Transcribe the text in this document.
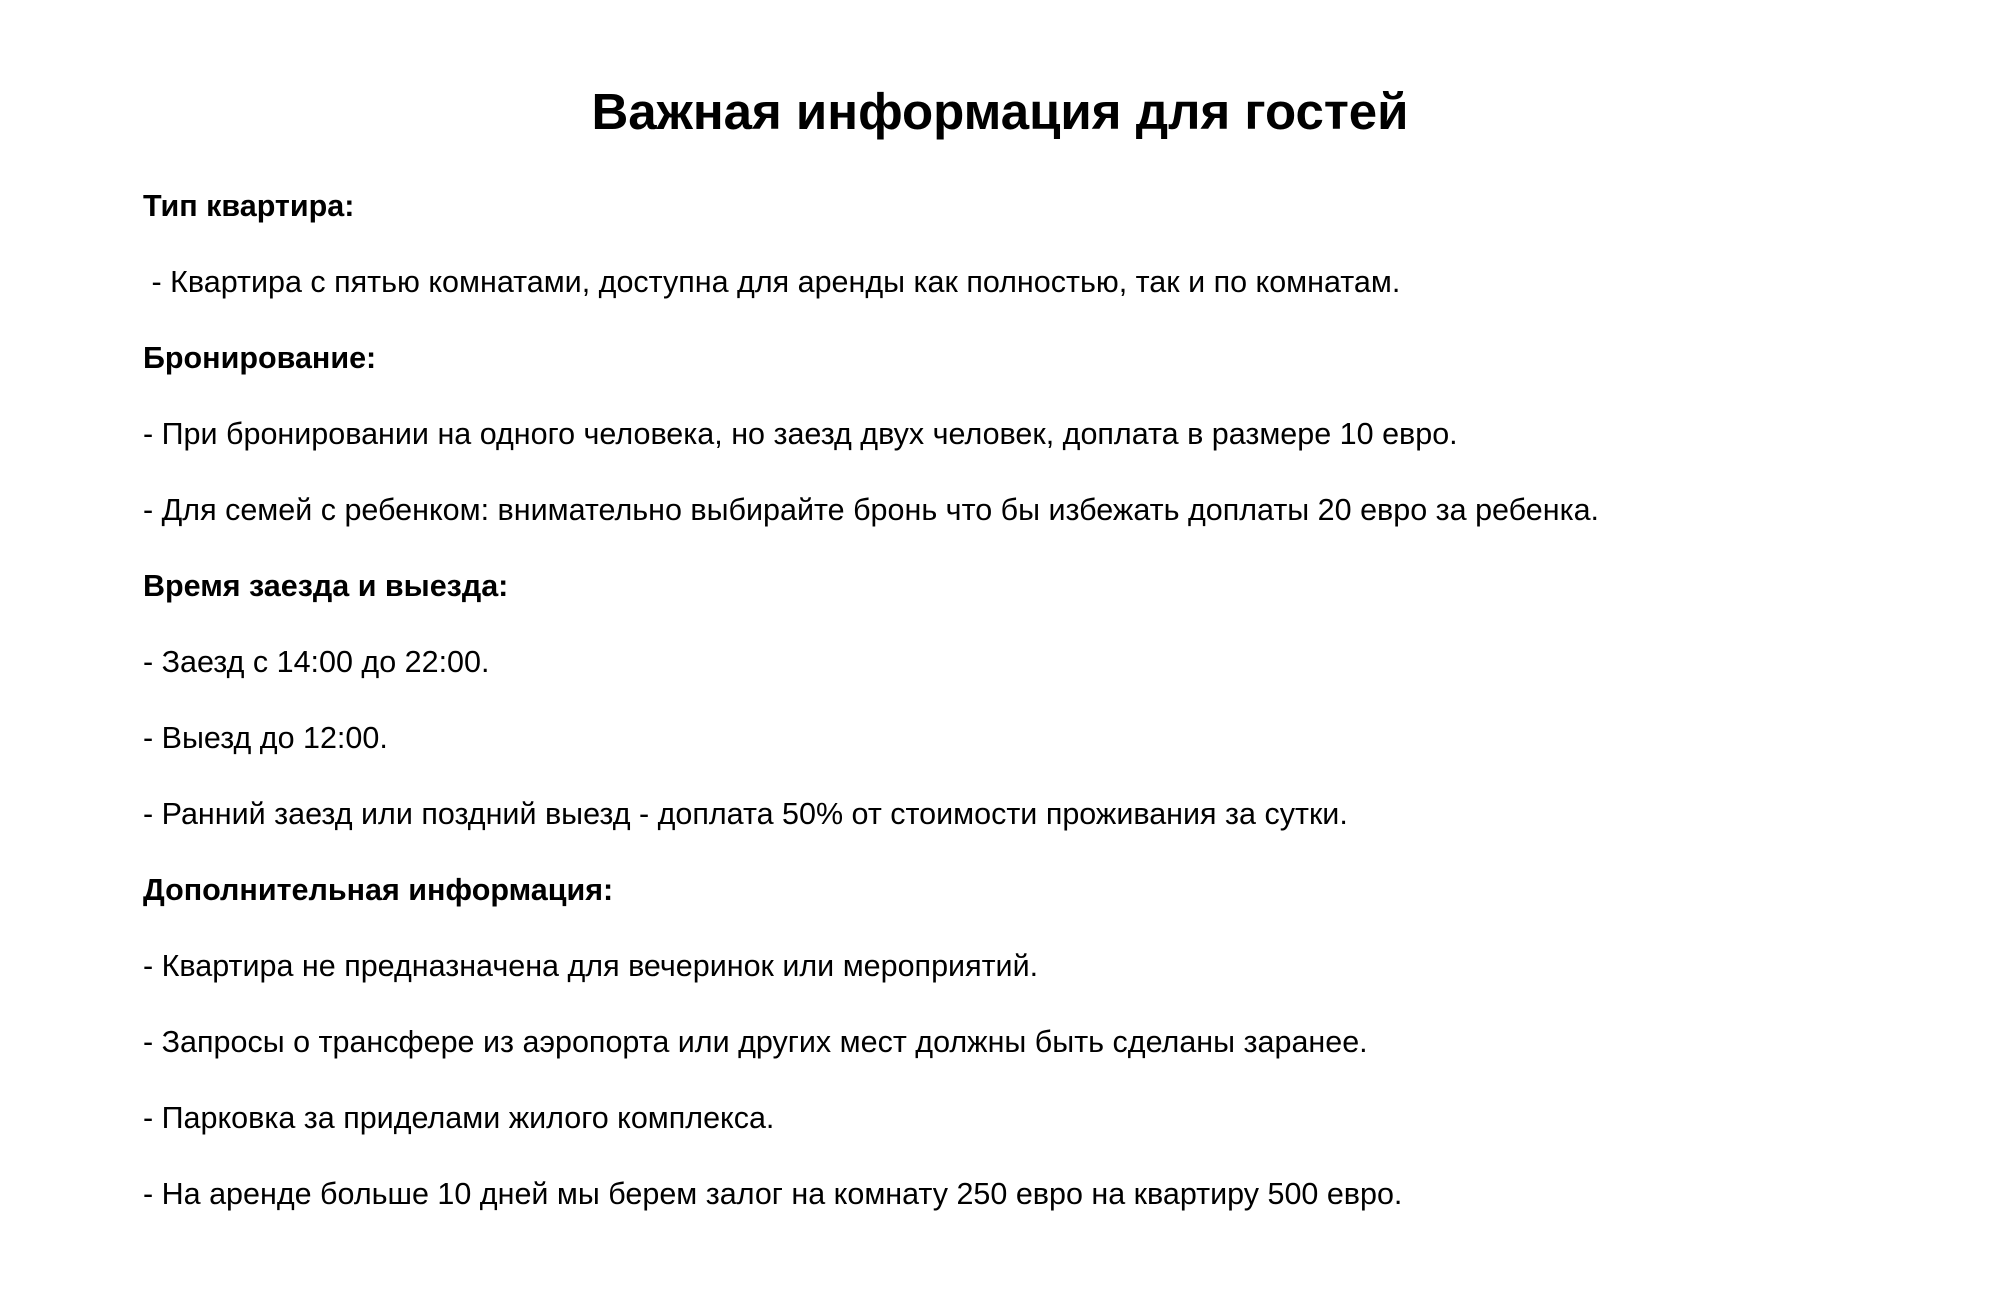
Важная информация для гостей
Тип квартира:
- Квартира с пятью комнатами, доступна для аренды как полностью, так и по комнатам.
Бронирование:
- При бронировании на одного человека, но заезд двух человек, доплата в размере 10 евро.
- Для семей с ребенком: внимательно выбирайте бронь что бы избежать доплаты 20 евро за ребенка.
Время заезда и выезда:
- Заезд с 14:00 до 22:00.
- Выезд до 12:00.
- Ранний заезд или поздний выезд - доплата 50% от стоимости проживания за сутки.
Дополнительная информация:
- Квартира не предназначена для вечеринок или мероприятий.
- Запросы о трансфере из аэропорта или других мест должны быть сделаны заранее.
- Парковка за приделами жилого комплекса.
- На аренде больше 10 дней мы берем залог на комнату 250 евро на квартиру 500 евро.
